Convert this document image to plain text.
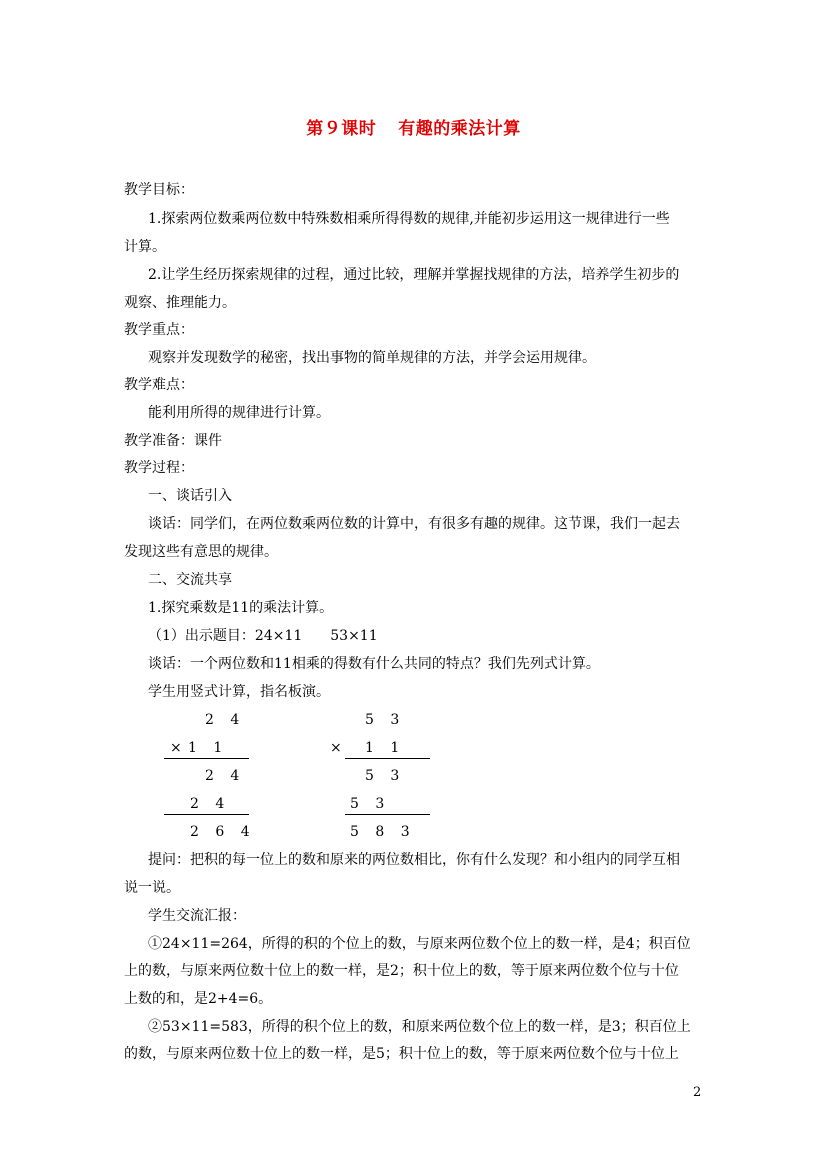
第９课时 有趣的乘法计算
教学目标：
1.探索两位数乘两位数中特殊数相乘所得得数的规律,并能初步运用这一规律进行一些
计算。
2.让学生经历探索规律的过程，通过比较，理解并掌握找规律的方法，培养学生初步的
观察、推理能力。
教学重点：
观察并发现数学的秘密，找出事物的简单规律的方法，并学会运用规律。
教学难点：
能利用所得的规律进行计算。
教学准备：课件
教学过程：
一、谈话引入
谈话：同学们，在两位数乘两位数的计算中，有很多有趣的规律。这节课，我们一起去
发现这些有意思的规律。
二、交流共享
1.探究乘数是11的乘法计算。
（1）出示题目：24×11　　53×11
谈话：一个两位数和11相乘的得数有什么共同的特点？我们先列式计算。
学生用竖式计算，指名板演。
2 4
× 1 1
2 4
2 4
2 6 4
5 3
× 1 1
5 3
5 3
5 8 3
提问：把积的每一位上的数和原来的两位数相比，你有什么发现？和小组内的同学互相
说一说。
学生交流汇报：
①24×11=264，所得的积的个位上的数，与原来两位数个位上的数一样，是4；积百位
上的数，与原来两位数十位上的数一样，是2；积十位上的数，等于原来两位数个位与十位
上数的和，是2+4=6。
②53×11=583，所得的积个位上的数，和原来两位数个位上的数一样，是3；积百位上
的数，与原来两位数十位上的数一样，是5；积十位上的数，等于原来两位数个位与十位上
2
